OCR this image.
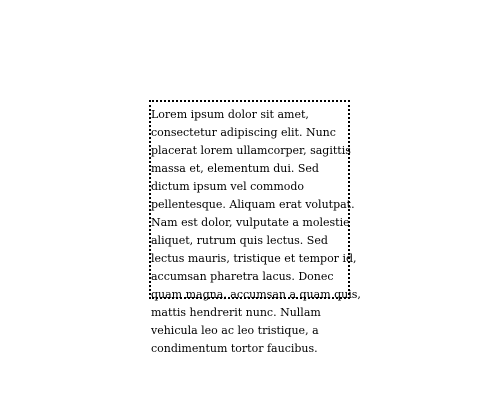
Lorem ipsum dolor sit amet, consectetur adipiscing elit. Nunc placerat lorem ullamcorper, sagittis massa et, elementum dui. Sed dictum ipsum vel commodo pellentesque. Aliquam erat volutpat. Nam est dolor, vulputate a molestie aliquet, rutrum quis lectus. Sed lectus mauris, tristique et tempor id, accumsan pharetra lacus. Donec quam magna, accumsan a quam quis, mattis hendrerit nunc. Nullam vehicula leo ac leo tristique, a condimentum tortor faucibus.
